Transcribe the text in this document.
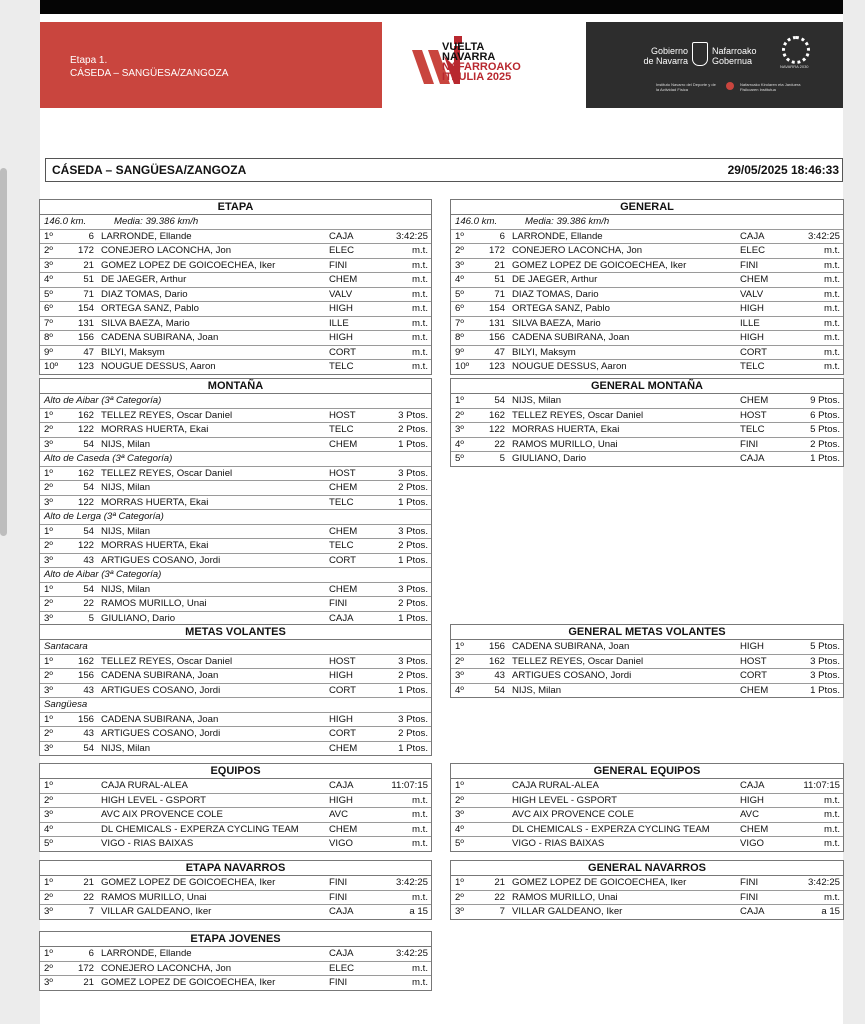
Etapa 1.
CÁSEDA – SANGÜESA/ZANGOZA
VUELTA
NAVARRA
NAFARROAKO
ITZULIA 2025
Gobierno
de Navarra
Nafarroako
Gobernua
NAVARRA 2030
Instituto Navarro del Deporte y de la Actividad Física
Nafarroako Kirolaren eta Jarduera Fisikoaren Institutua
CÁSEDA – SANGÜESA/ZANGOZA	29/05/2025 18:46:33
ETAPA
146.0 km.	Media: 39.386 km/h
1º	6 LARRONDE, Ellande	CAJA	3:42:25
2º	172 CONEJERO LACONCHA, Jon	ELEC	m.t.
3º	21 GOMEZ LOPEZ DE GOICOECHEA, Iker	FINI	m.t.
4º	51 DE JAEGER, Arthur	CHEM	m.t.
5º	71 DIAZ TOMAS, Dario	VALV	m.t.
6º	154 ORTEGA SANZ, Pablo	HIGH	m.t.
7º	131 SILVA BAEZA, Mario	ILLE	m.t.
8º	156 CADENA SUBIRANA, Joan	HIGH	m.t.
9º	47 BILYI, Maksym	CORT	m.t.
10º	123 NOUGUE DESSUS, Aaron	TELC	m.t.
GENERAL
146.0 km.	Media: 39.386 km/h
1º	6 LARRONDE, Ellande	CAJA	3:42:25
2º	172 CONEJERO LACONCHA, Jon	ELEC	m.t.
3º	21 GOMEZ LOPEZ DE GOICOECHEA, Iker	FINI	m.t.
4º	51 DE JAEGER, Arthur	CHEM	m.t.
5º	71 DIAZ TOMAS, Dario	VALV	m.t.
6º	154 ORTEGA SANZ, Pablo	HIGH	m.t.
7º	131 SILVA BAEZA, Mario	ILLE	m.t.
8º	156 CADENA SUBIRANA, Joan	HIGH	m.t.
9º	47 BILYI, Maksym	CORT	m.t.
10º	123 NOUGUE DESSUS, Aaron	TELC	m.t.
MONTAÑA
Alto de Aibar (3ª Categoría)
1º	162 TELLEZ REYES, Oscar Daniel	HOST	3 Ptos.
2º	122 MORRAS HUERTA, Ekai	TELC	2 Ptos.
3º	54 NIJS, Milan	CHEM	1 Ptos.
Alto de Caseda (3ª Categoría)
1º	162 TELLEZ REYES, Oscar Daniel	HOST	3 Ptos.
2º	54 NIJS, Milan	CHEM	2 Ptos.
3º	122 MORRAS HUERTA, Ekai	TELC	1 Ptos.
Alto de Lerga (3ª Categoría)
1º	54 NIJS, Milan	CHEM	3 Ptos.
2º	122 MORRAS HUERTA, Ekai	TELC	2 Ptos.
3º	43 ARTIGUES COSANO, Jordi	CORT	1 Ptos.
Alto de Aibar (3ª Categoría)
1º	54 NIJS, Milan	CHEM	3 Ptos.
2º	22 RAMOS MURILLO, Unai	FINI	2 Ptos.
3º	5 GIULIANO, Dario	CAJA	1 Ptos.
GENERAL MONTAÑA
1º	54 NIJS, Milan	CHEM	9 Ptos.
2º	162 TELLEZ REYES, Oscar Daniel	HOST	6 Ptos.
3º	122 MORRAS HUERTA, Ekai	TELC	5 Ptos.
4º	22 RAMOS MURILLO, Unai	FINI	2 Ptos.
5º	5 GIULIANO, Dario	CAJA	1 Ptos.
METAS VOLANTES
Santacara
1º	162 TELLEZ REYES, Oscar Daniel	HOST	3 Ptos.
2º	156 CADENA SUBIRANA, Joan	HIGH	2 Ptos.
3º	43 ARTIGUES COSANO, Jordi	CORT	1 Ptos.
Sangüesa
1º	156 CADENA SUBIRANA, Joan	HIGH	3 Ptos.
2º	43 ARTIGUES COSANO, Jordi	CORT	2 Ptos.
3º	54 NIJS, Milan	CHEM	1 Ptos.
GENERAL METAS VOLANTES
1º	156 CADENA SUBIRANA, Joan	HIGH	5 Ptos.
2º	162 TELLEZ REYES, Oscar Daniel	HOST	3 Ptos.
3º	43 ARTIGUES COSANO, Jordi	CORT	3 Ptos.
4º	54 NIJS, Milan	CHEM	1 Ptos.
EQUIPOS
1º	CAJA RURAL-ALEA	CAJA	11:07:15
2º	HIGH LEVEL - GSPORT	HIGH	m.t.
3º	AVC AIX PROVENCE COLE	AVC	m.t.
4º	DL CHEMICALS - EXPERZA CYCLING TEAM	CHEM	m.t.
5º	VIGO - RIAS BAIXAS	VIGO	m.t.
GENERAL EQUIPOS
1º	CAJA RURAL-ALEA	CAJA	11:07:15
2º	HIGH LEVEL - GSPORT	HIGH	m.t.
3º	AVC AIX PROVENCE COLE	AVC	m.t.
4º	DL CHEMICALS - EXPERZA CYCLING TEAM	CHEM	m.t.
5º	VIGO - RIAS BAIXAS	VIGO	m.t.
ETAPA NAVARROS
1º	21 GOMEZ LOPEZ DE GOICOECHEA, Iker	FINI	3:42:25
2º	22 RAMOS MURILLO, Unai	FINI	m.t.
3º	7 VILLAR GALDEANO, Iker	CAJA	a 15
GENERAL NAVARROS
1º	21 GOMEZ LOPEZ DE GOICOECHEA, Iker	FINI	3:42:25
2º	22 RAMOS MURILLO, Unai	FINI	m.t.
3º	7 VILLAR GALDEANO, Iker	CAJA	a 15
ETAPA JOVENES
1º	6 LARRONDE, Ellande	CAJA	3:42:25
2º	172 CONEJERO LACONCHA, Jon	ELEC	m.t.
3º	21 GOMEZ LOPEZ DE GOICOECHEA, Iker	FINI	m.t.
